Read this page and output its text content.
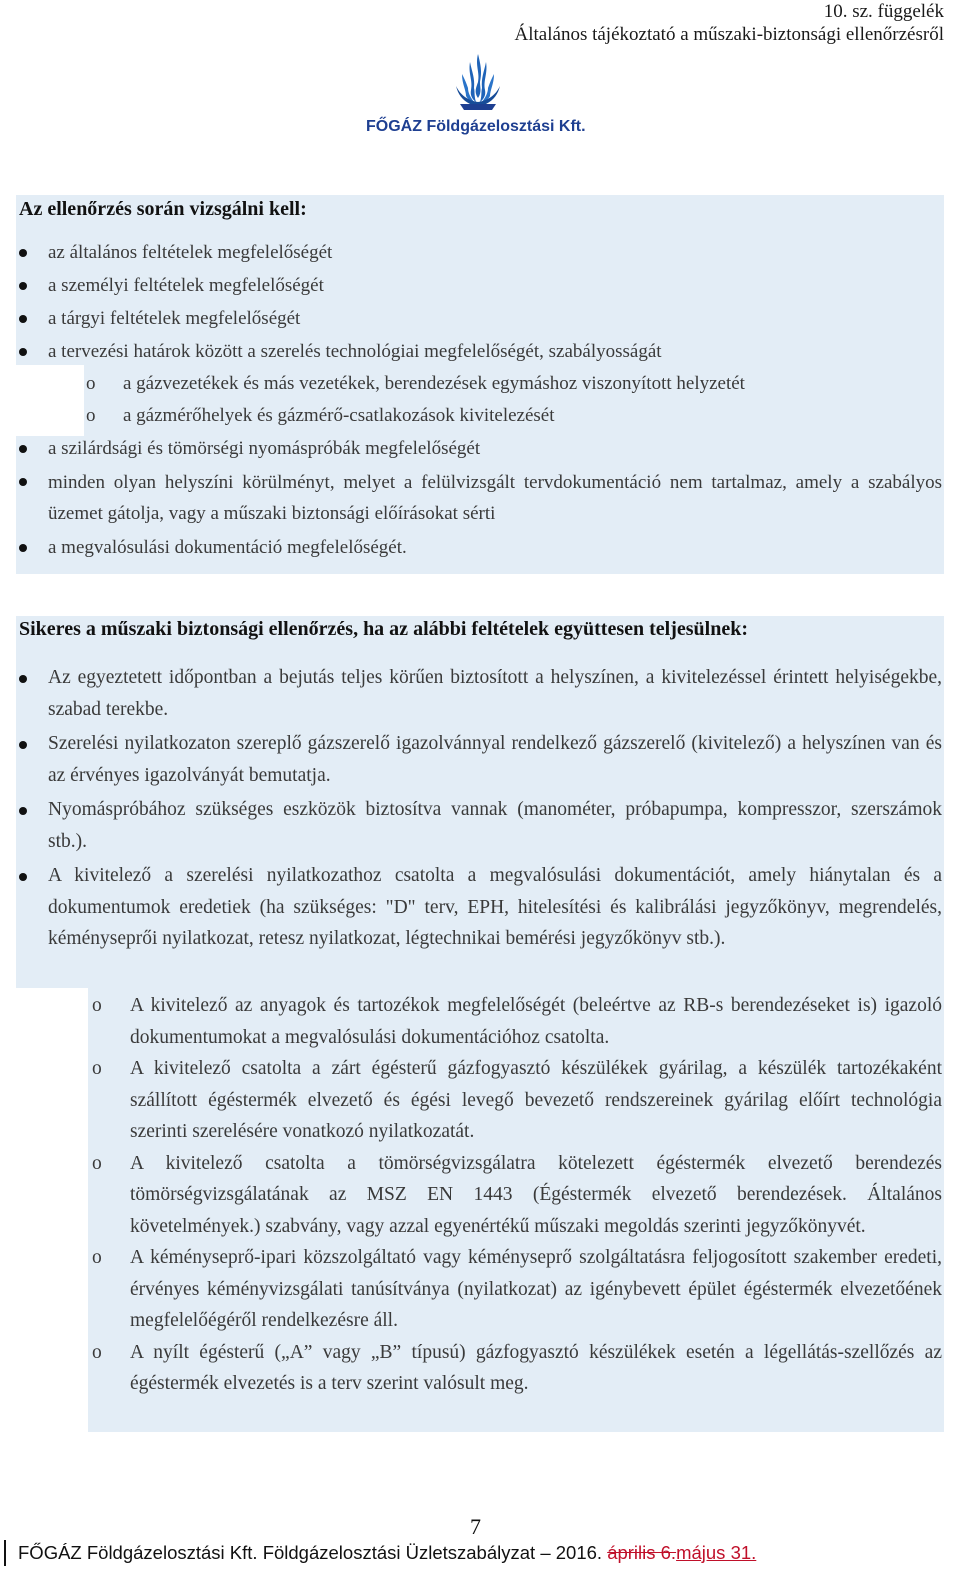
10. sz. függelék
Általános tájékoztató a műszaki-biztonsági ellenőrzésről
FŐGÁZ Földgázelosztási Kft.
Az ellenőrzés során vizsgálni kell:
az általános feltételek megfelelőségét
a személyi feltételek megfelelőségét
a tárgyi feltételek megfelelőségét
a tervezési határok között a szerelés technológiai megfelelőségét, szabályosságát
o a gázvezetékek és más vezetékek, berendezések egymáshoz viszonyított helyzetét
o a gázmérőhelyek és gázmérő-csatlakozások kivitelezését
a szilárdsági és tömörségi nyomáspróbák megfelelőségét
minden olyan helyszíni körülményt, melyet a felülvizsgált tervdokumentáció nem tartalmaz, amely a szabályos üzemet gátolja, vagy a műszaki biztonsági előírásokat sérti
a megvalósulási dokumentáció megfelelőségét.
Sikeres a műszaki biztonsági ellenőrzés, ha az alábbi feltételek együttesen teljesülnek:
Az egyeztetett időpontban a bejutás teljes körűen biztosított a helyszínen, a kivitelezéssel érintett helyiségekbe, szabad terekbe.
Szerelési nyilatkozaton szereplő gázszerelő igazolvánnyal rendelkező gázszerelő (kivitelező) a helyszínen van és az érvényes igazolványát bemutatja.
Nyomáspróbához szükséges eszközök biztosítva vannak (manométer, próbapumpa, kompresszor, szerszámok stb.).
A kivitelező a szerelési nyilatkozathoz csatolta a megvalósulási dokumentációt, amely hiánytalan és a dokumentumok eredetiek (ha szükséges: "D" terv, EPH, hitelesítési és kalibrálási jegyzőkönyv, megrendelés, kéményseprői nyilatkozat, retesz nyilatkozat, légtechnikai bemérési jegyzőkönyv stb.).
o A kivitelező az anyagok és tartozékok megfelelőségét (beleértve az RB-s berendezéseket is) igazoló dokumentumokat a megvalósulási dokumentációhoz csatolta.
o A kivitelező csatolta a zárt égésterű gázfogyasztó készülékek gyárilag, a készülék tartozékaként szállított égéstermék elvezető és égési levegő bevezető rendszereinek gyárilag előírt technológia szerinti szerelésére vonatkozó nyilatkozatát.
o A kivitelező csatolta a tömörségvizsgálatra kötelezett égéstermék elvezető berendezés tömörségvizsgálatának az MSZ EN 1443 (Égéstermék elvezető berendezések. Általános követelmények.) szabvány, vagy azzal egyenértékű műszaki megoldás szerinti jegyzőkönyvét.
o A kéményseprő-ipari közszolgáltató vagy kéményseprő szolgáltatásra feljogosított szakember eredeti, érvényes kéményvizsgálati tanúsítványa (nyilatkozat) az igénybevett épület égéstermék elvezetőének megfelelőégéről rendelkezésre áll.
o A nyílt égésterű („A” vagy „B” típusú) gázfogyasztó készülékek esetén a légellátás-szellőzés az égéstermék elvezetés is a terv szerint valósult meg.
7
FŐGÁZ Földgázelosztási Kft. Földgázelosztási Üzletszabályzat – 2016. április 6.május 31.
